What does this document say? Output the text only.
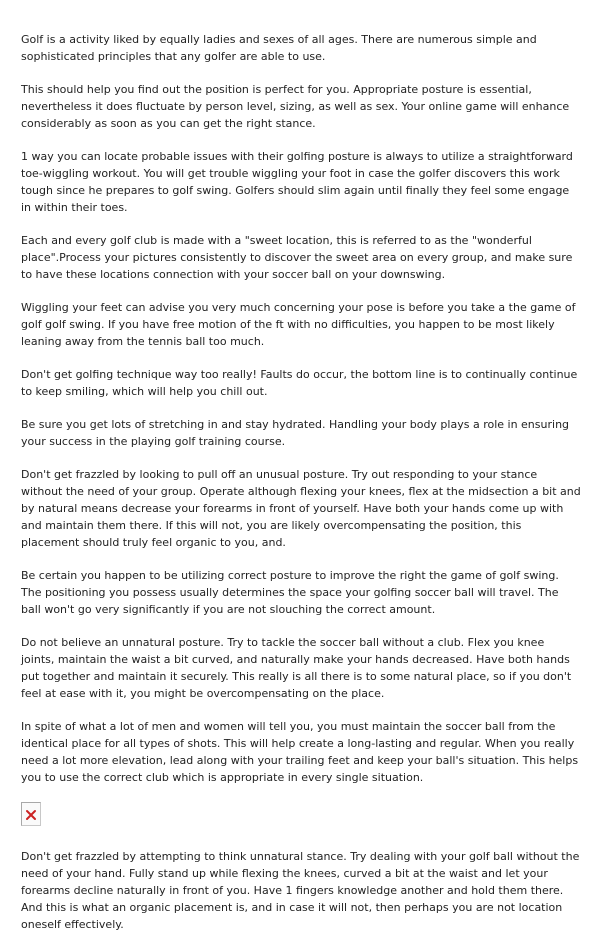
Golf is a activity liked by equally ladies and sexes of all ages. There are numerous simple and sophisticated principles that any golfer are able to use.

This should help you find out the position is perfect for you. Appropriate posture is essential, nevertheless it does fluctuate by person level, sizing, as well as sex. Your online game will enhance considerably as soon as you can get the right stance.

1 way you can locate probable issues with their golfing posture is always to utilize a straightforward toe-wiggling workout. You will get trouble wiggling your foot in case the golfer discovers this work tough since he prepares to golf swing. Golfers should slim again until finally they feel some engage in within their toes.

Each and every golf club is made with a "sweet location, this is referred to as the "wonderful place".Process your pictures consistently to discover the sweet area on every group, and make sure to have these locations connection with your soccer ball on your downswing.

Wiggling your feet can advise you very much concerning your pose is before you take a the game of golf golf swing. If you have free motion of the ft with no difficulties, you happen to be most likely leaning away from the tennis ball too much.

Don't get golfing technique way too really! Faults do occur, the bottom line is to continually continue to keep smiling, which will help you chill out.

Be sure you get lots of stretching in and stay hydrated. Handling your body plays a role in ensuring your success in the playing golf training course.

Don't get frazzled by looking to pull off an unusual posture. Try out responding to your stance without the need of your group. Operate although flexing your knees, flex at the midsection a bit and by natural means decrease your forearms in front of yourself. Have both your hands come up with and maintain them there. If this will not, you are likely overcompensating the position, this placement should truly feel organic to you, and.

Be certain you happen to be utilizing correct posture to improve the right the game of golf swing. The positioning you possess usually determines the space your golfing soccer ball will travel. The ball won't go very significantly if you are not slouching the correct amount.

Do not believe an unnatural posture. Try to tackle the soccer ball without a club. Flex you knee joints, maintain the waist a bit curved, and naturally make your hands decreased. Have both hands put together and maintain it securely. This really is all there is to some natural place, so if you don't feel at ease with it, you might be overcompensating on the place.

In spite of what a lot of men and women will tell you, you must maintain the soccer ball from the identical place for all types of shots. This will help create a long-lasting and regular. When you really need a lot more elevation, lead along with your trailing feet and keep your ball's situation. This helps you to use the correct club which is appropriate in every single situation.

Don't get frazzled by attempting to think unnatural stance. Try dealing with your golf ball without the need of your hand. Fully stand up while flexing the knees, curved a bit at the waist and let your forearms decline naturally in front of you. Have 1 fingers knowledge another and hold them there. And this is what an organic placement is, and in case it will not, then perhaps you are not location oneself effectively.
